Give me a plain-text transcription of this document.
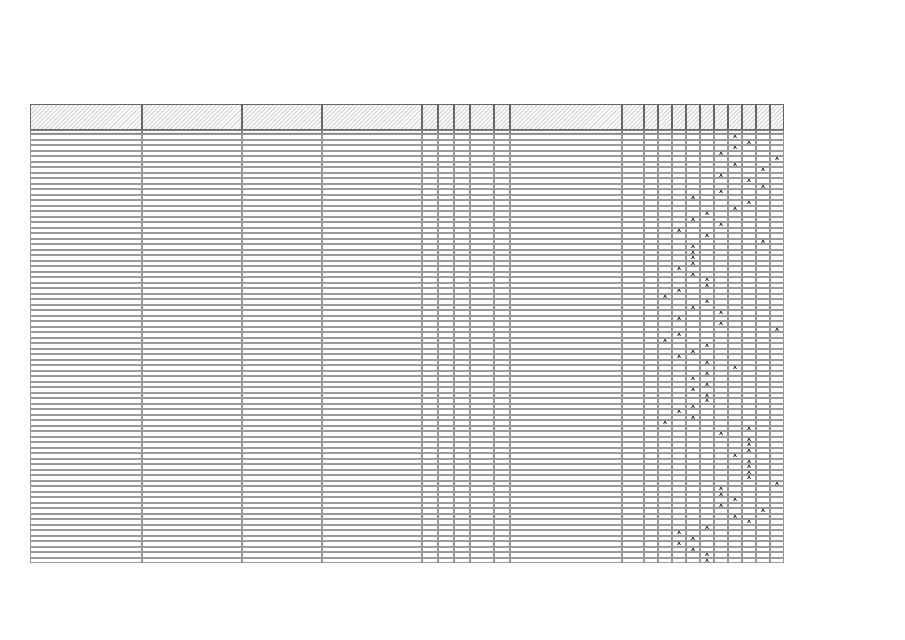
X
X
X
X
X
X
X
X
X
X
X
X
X
X
X
X
X
X
X
X
X
X
X
X
X
X
X
X
X
X
X
X
X
X
X
X
X
X
X
X
X
X
X
X
X
X
X
X
X
X
X
X
X
X
X
X
X
X
X
X
X
X
X
X
X
X
X
X
X
X
X
X
X
X
X
X
X
X
